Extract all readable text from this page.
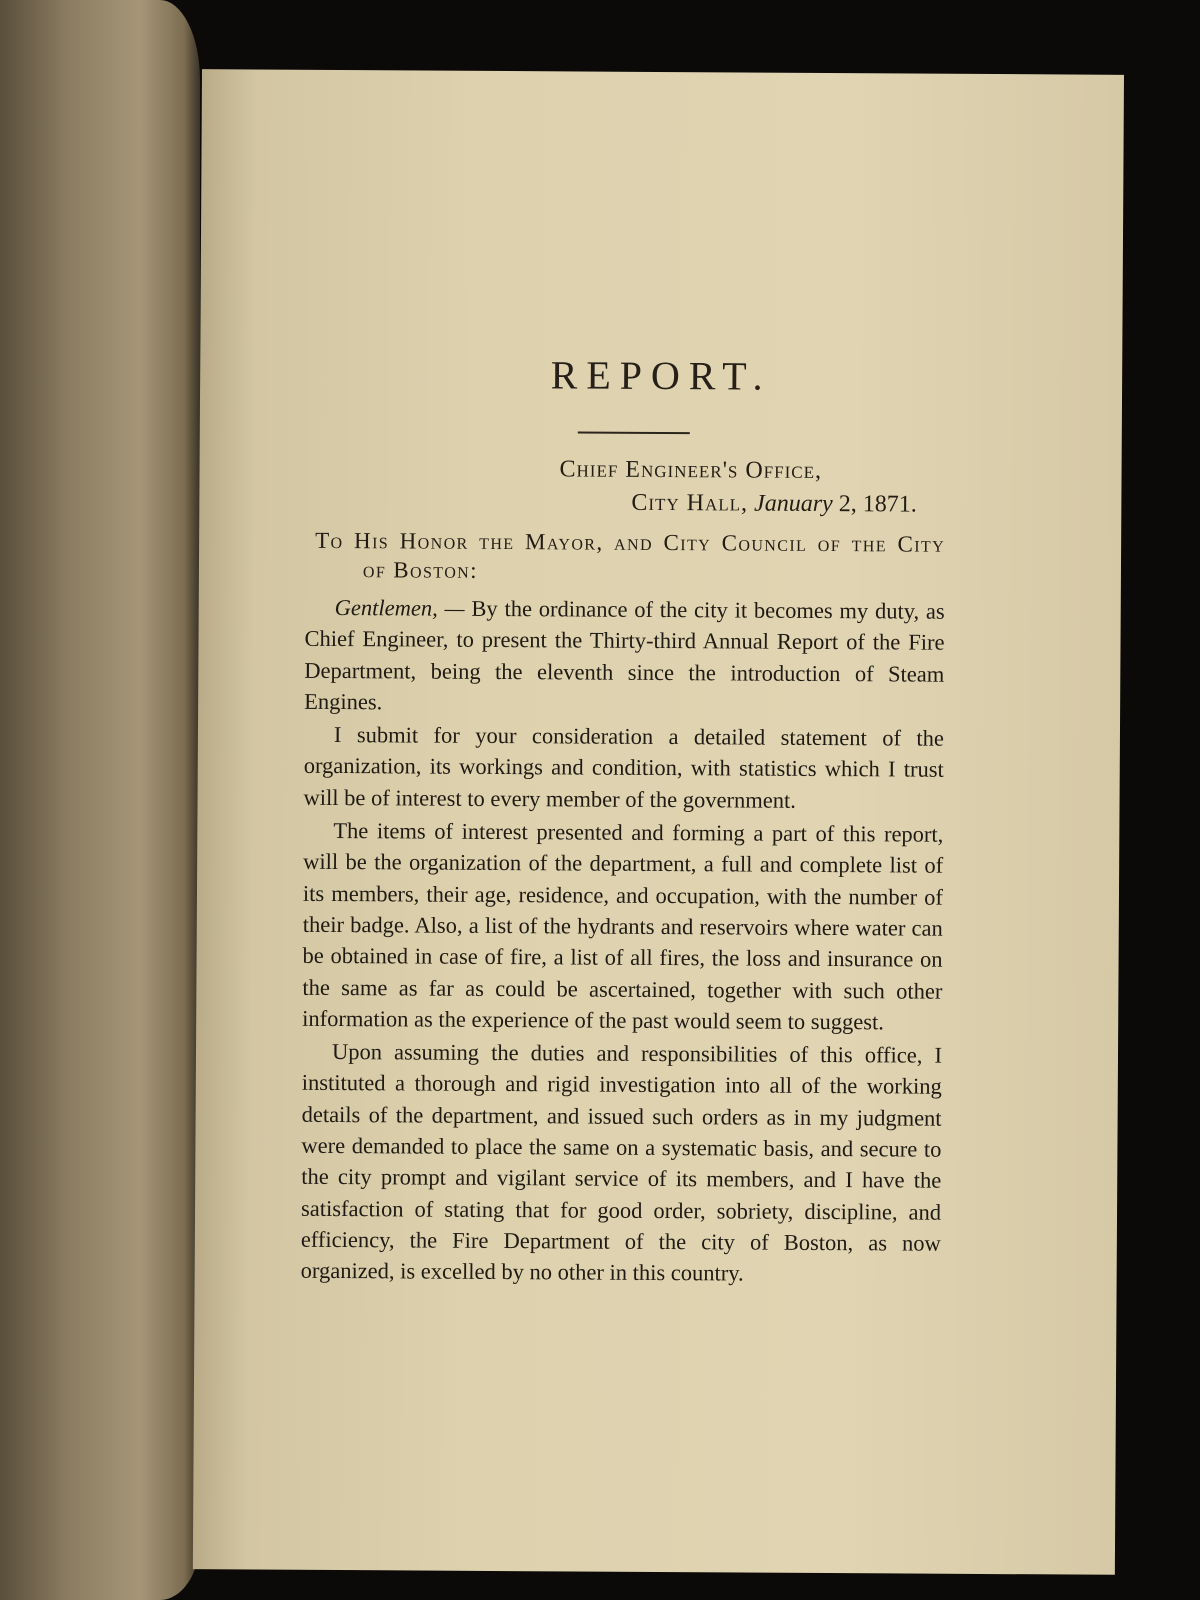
REPORT.
Chief Engineer's Office,
City Hall, January 2, 1871.
To His Honor the Mayor, and City Council of the City
of Boston:

Gentlemen, — By the ordinance of the city it becomes my duty, as Chief Engineer, to present the Thirty-third Annual Report of the Fire Department, being the eleventh since the introduction of Steam Engines.

I submit for your consideration a detailed statement of the organization, its workings and condition, with statistics which I trust will be of interest to every member of the government.

The items of interest presented and forming a part of this report, will be the organization of the department, a full and complete list of its members, their age, residence, and occupation, with the number of their badge. Also, a list of the hydrants and reservoirs where water can be obtained in case of fire, a list of all fires, the loss and insurance on the same as far as could be ascertained, together with such other information as the experience of the past would seem to suggest.

Upon assuming the duties and responsibilities of this office, I instituted a thorough and rigid investigation into all of the working details of the department, and issued such orders as in my judgment were demanded to place the same on a systematic basis, and secure to the city prompt and vigilant service of its members, and I have the satisfaction of stating that for good order, sobriety, discipline, and efficiency, the Fire Department of the city of Boston, as now organized, is excelled by no other in this country.
